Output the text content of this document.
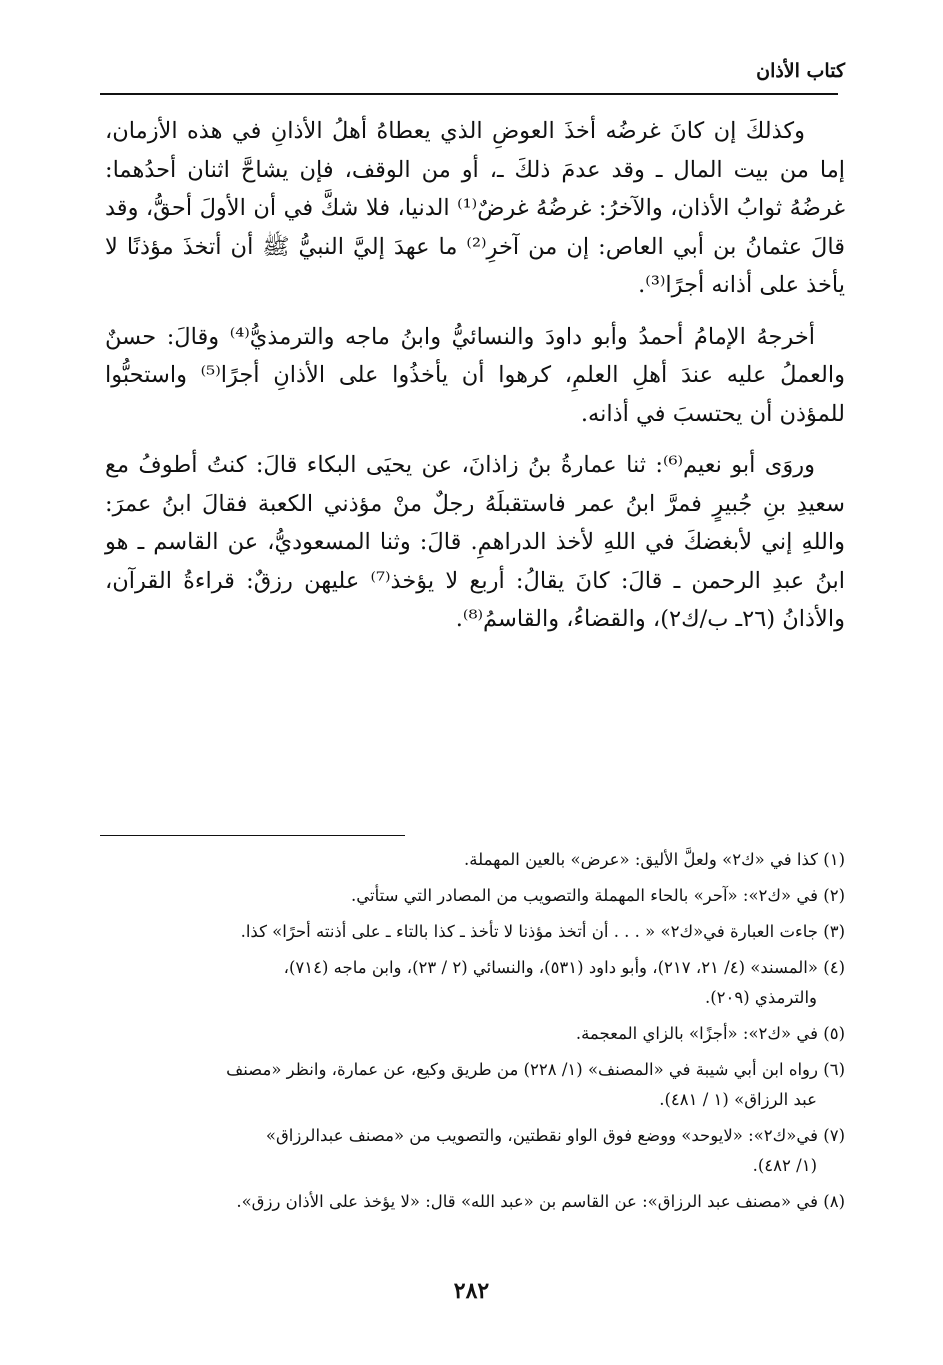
كتاب الأذان

وكذلكَ إن كانَ غرضُه أخذَ العوضِ الذي يعطاهُ أهلُ الأذانِ في هذه الأزمان، إما من بيت المال ـ وقد عدمَ ذلكَ ـ، أو من الوقف، فإن يشاحَّ اثنان أحدُهما: غرضُهُ ثوابُ الأذان، والآخرُ: غرضُهُ غرضٌ⁽¹⁾ الدنيا، فلا شكَّ في أن الأولَ أحقُّ، وقد قالَ عثمانُ بن أبي العاص: إن من آخرِ⁽²⁾ ما عهدَ إليَّ النبيُّ ﷺ أن أتخذَ مؤذنًا لا يأخذ على أذانه أجرًا⁽³⁾.

أخرجهُ الإمامُ أحمدُ وأبو داودَ والنسائيُّ وابنُ ماجه والترمذيُّ⁽⁴⁾ وقالَ: حسنٌ والعملُ عليه عندَ أهلِ العلمِ، كرهوا أن يأخذُوا على الأذانِ أجرًا⁽⁵⁾ واستحبُّوا للمؤذن أن يحتسبَ في أذانه.

وروَى أبو نعيم⁽⁶⁾: ثنا عمارةُ بنُ زاذانَ، عن يحيَى البكاء قالَ: كنتُ أطوفُ مع سعيدِ بنِ جُبيرٍ فمرَّ ابنُ عمر فاستقبلَهُ رجلٌ منْ مؤذني الكعبة فقالَ ابنُ عمرَ: واللهِ إني لأبغضكَ في اللهِ لأخذ الدراهمِ. قالَ: وثنا المسعوديُّ، عن القاسم ـ هو ابنُ عبدِ الرحمن ـ قالَ: كانَ يقالُ: أربع لا يؤخذ⁽⁷⁾ عليهن رزقٌ: قراءةُ القرآن، والأذانُ (٢٦ـ ب/ك٢)، والقضاءُ، والقاسمُ⁽⁸⁾.

(١) كذا في «ك٢» ولعلَّ الأليق: «عرض» بالعين المهملة.
(٢) في «ك٢»: «آحر» بالحاء المهملة والتصويب من المصادر التي ستأتي.
(٣) جاءت العبارة في«ك٢» « . . . أن أتخذ مؤذنا لا تأخذ ـ كذا بالتاء ـ على أذنته أحرًا» كذا.
(٤) «المسند» (٤/ ٢١، ٢١٧)، وأبو داود (٥٣١)، والنسائي (٢ / ٢٣)، وابن ماجه (٧١٤)،
والترمذي (٢٠٩).
(٥) في «ك٢»: «أجزًا» بالزاي المعجمة.
(٦) رواه ابن أبي شيبة في «المصنف» (١/ ٢٢٨) من طريق وكيع، عن عمارة، وانظر «مصنف
عبد الرزاق» (١ / ٤٨١).
(٧) في«ك٢»: «لايوحد» ووضع فوق الواو نقطتين، والتصويب من «مصنف عبدالرزاق»
(١/ ٤٨٢).
(٨) في «مصنف عبد الرزاق»: عن القاسم بن «عبد الله» قال: «لا يؤخذ على الأذان رزق».
٢٨٢
